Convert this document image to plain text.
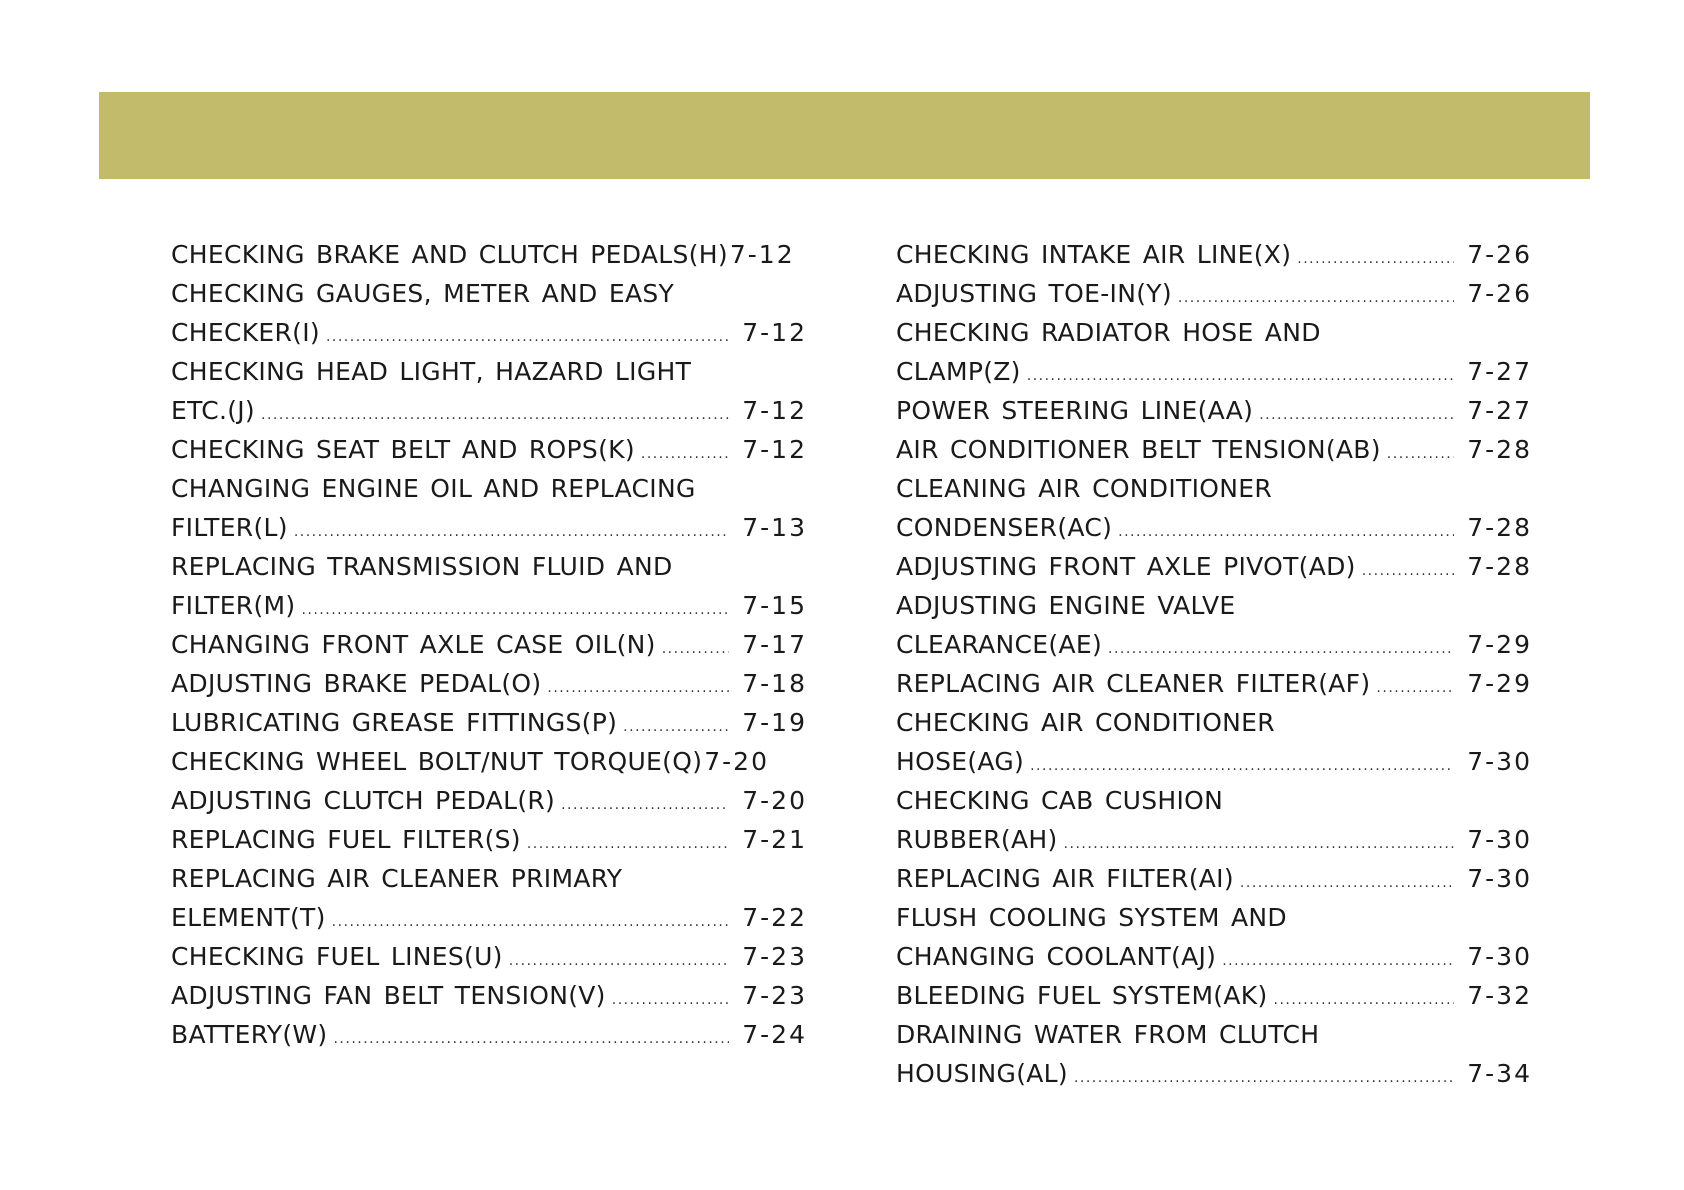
CHECKING BRAKE AND CLUTCH PEDALS(H) 7-12
CHECKING GAUGES, METER AND EASY
CHECKER(I) .....	7-12
CHECKING HEAD LIGHT, HAZARD LIGHT
ETC.(J) .....	7-12
CHECKING SEAT BELT AND ROPS(K) .....	7-12
CHANGING ENGINE OIL AND REPLACING
FILTER(L) .....	7-13
REPLACING TRANSMISSION FLUID AND
FILTER(M) .....	7-15
CHANGING FRONT AXLE CASE OIL(N) .....	7-17
ADJUSTING BRAKE PEDAL(O) .....	7-18
LUBRICATING GREASE FITTINGS(P) .....	7-19
CHECKING WHEEL BOLT/NUT TORQUE(Q) 7-20
ADJUSTING CLUTCH PEDAL(R) .....	7-20
REPLACING FUEL FILTER(S) .....	7-21
REPLACING AIR CLEANER PRIMARY
ELEMENT(T) .....	7-22
CHECKING FUEL LINES(U) .....	7-23
ADJUSTING FAN BELT TENSION(V) .....	7-23
BATTERY(W) .....	7-24
CHECKING INTAKE AIR LINE(X) .....	7-26
ADJUSTING TOE-IN(Y) .....	7-26
CHECKING RADIATOR HOSE AND
CLAMP(Z) .....	7-27
POWER STEERING LINE(AA) .....	7-27
AIR CONDITIONER BELT TENSION(AB) .....	7-28
CLEANING AIR CONDITIONER
CONDENSER(AC) .....	7-28
ADJUSTING FRONT AXLE PIVOT(AD) .....	7-28
ADJUSTING ENGINE VALVE
CLEARANCE(AE) .....	7-29
REPLACING AIR CLEANER FILTER(AF) .....	7-29
CHECKING AIR CONDITIONER
HOSE(AG) .....	7-30
CHECKING CAB CUSHION
RUBBER(AH) .....	7-30
REPLACING AIR FILTER(AI) .....	7-30
FLUSH COOLING SYSTEM AND
CHANGING COOLANT(AJ) .....	7-30
BLEEDING FUEL SYSTEM(AK) .....	7-32
DRAINING WATER FROM CLUTCH
HOUSING(AL) .....	7-34
